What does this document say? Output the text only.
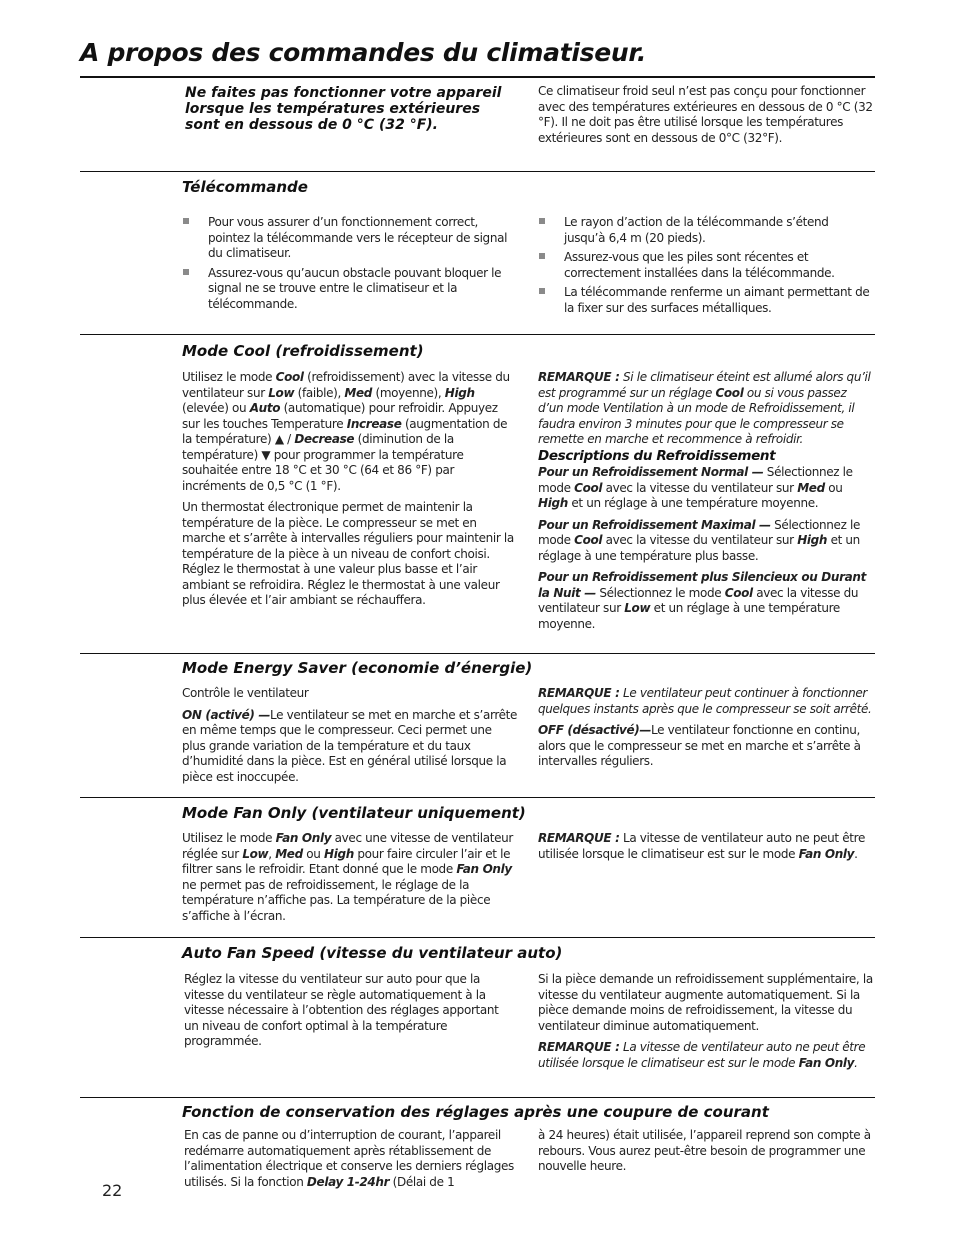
A propos des commandes du climatiseur.
Ne faites pas fonctionner votre appareil lorsque les températures extérieures sont en dessous de 0 °C (32 °F).
Ce climatiseur froid seul n’est pas conçu pour fonctionner avec des températures extérieures en dessous de 0 °C (32 °F). Il ne doit pas être utilisé lorsque les températures extérieures sont en dessous de 0°C (32°F).
Télécommande
Pour vous assurer d’un fonctionnement correct, pointez la télécommande vers le récepteur de signal du climatiseur.
Assurez-vous qu’aucun obstacle pouvant bloquer le signal ne se trouve entre le climatiseur et la télécommande.
Le rayon d’action de la télécommande s’étend jusqu’à 6,4 m (20 pieds).
Assurez-vous que les piles sont récentes et correctement installées dans la télécommande.
La télécommande renferme un aimant permettant de la fixer sur des surfaces métalliques.
Mode Cool (refroidissement)

Utilisez le mode Cool (refroidissement) avec la vitesse du ventilateur sur Low (faible), Med (moyenne), High (elevée) ou Auto (automatique) pour refroidir. Appuyez sur les touches Temperature Increase (augmentation de la température) ▲ / Decrease (diminution de la température) ▼ pour programmer la température souhaitée entre 18 °C et 30 °C (64 et 86 °F) par incréments de 0,5 °C (1 °F).

Un thermostat électronique permet de maintenir la température de la pièce. Le compresseur se met en marche et s’arrête à intervalles réguliers pour maintenir la température de la pièce à un niveau de confort choisi. Réglez le thermostat à une valeur plus basse et l’air ambiant se refroidira. Réglez le thermostat à une valeur plus élevée et l’air ambiant se réchauffera.

REMARQUE : Si le climatiseur éteint est allumé alors qu’il est programmé sur un réglage Cool ou si vous passez d’un mode Ventilation à un mode de Refroidissement, il faudra environ 3 minutes pour que le compresseur se remette en marche et recommence à refroidir.

Descriptions du Refroidissement

Pour un Refroidissement Normal — Sélectionnez le mode Cool avec la vitesse du ventilateur sur Med ou High et un réglage à une température moyenne.

Pour un Refroidissement Maximal — Sélectionnez le mode Cool avec la vitesse du ventilateur sur High et un réglage à une température plus basse.

Pour un Refroidissement plus Silencieux ou Durant la Nuit — Sélectionnez le mode Cool avec la vitesse du ventilateur sur Low et un réglage à une température moyenne.

Mode Energy Saver (economie d’énergie)

Contrôle le ventilateur

ON (activé) —Le ventilateur se met en marche et s’arrête en même temps que le compresseur. Ceci permet une plus grande variation de la température et du taux d’humidité dans la pièce. Est en général utilisé lorsque la pièce est inoccupée.

REMARQUE : Le ventilateur peut continuer à fonctionner quelques instants après que le compresseur se soit arrêté.

OFF (désactivé)—Le ventilateur fonctionne en continu, alors que le compresseur se met en marche et s’arrête à intervalles réguliers.

Mode Fan Only (ventilateur uniquement)

Utilisez le mode Fan Only avec une vitesse de ventilateur réglée sur Low, Med ou High pour faire circuler l’air et le filtrer sans le refroidir. Etant donné que le mode Fan Only ne permet pas de refroidissement, le réglage de la température n’affiche pas. La température de la pièce s’affiche à l’écran.

REMARQUE : La vitesse de ventilateur auto ne peut être utilisée lorsque le climatiseur est sur le mode Fan Only.

Auto Fan Speed (vitesse du ventilateur auto)
Réglez la vitesse du ventilateur sur auto pour que la vitesse du ventilateur se règle automatiquement à la vitesse nécessaire à l’obtention des réglages apportant un niveau de confort optimal à la température programmée.

Si la pièce demande un refroidissement supplémentaire, la vitesse du ventilateur augmente automatiquement. Si la pièce demande moins de refroidissement, la vitesse du ventilateur diminue automatiquement.

REMARQUE : La vitesse de ventilateur auto ne peut être utilisée lorsque le climatiseur est sur le mode Fan Only.

Fonction de conservation des réglages après une coupure de courant
En cas de panne ou d’interruption de courant, l’appareil redémarre automatiquement après rétablissement de l’alimentation électrique et conserve les derniers réglages utilisés. Si la fonction Delay 1-24hr (Délai de 1
à 24 heures) était utilisée, l’appareil reprend son compte à rebours. Vous aurez peut-être besoin de programmer une nouvelle heure.
22
